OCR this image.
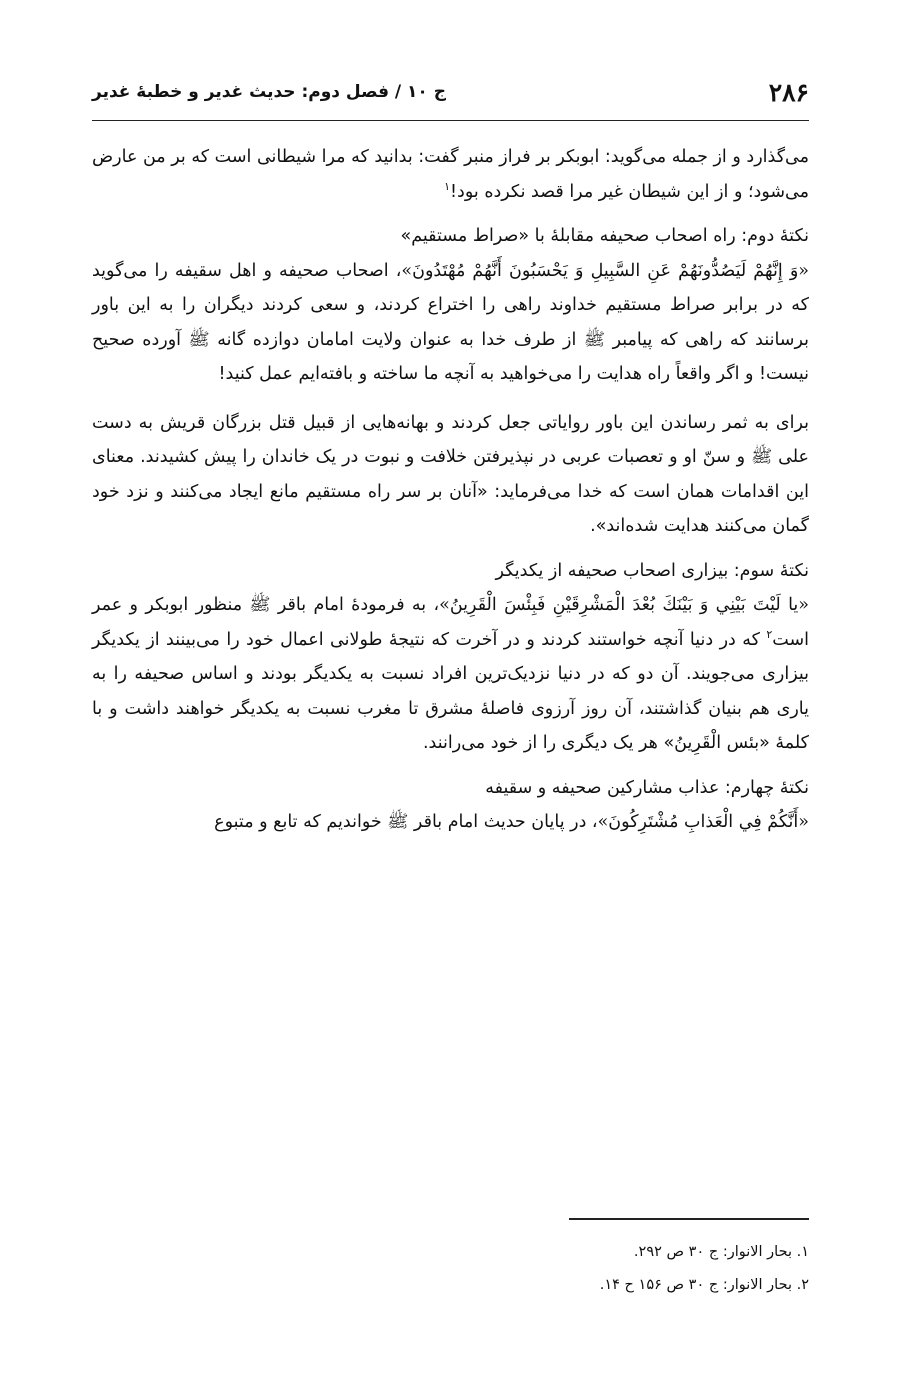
۲۸۶
ج ۱۰ / فصل دوم: حدیث غدیر و خطبهٔ غدیر

می‌گذارد و از جمله می‌گوید: ابوبکر بر فراز منبر گفت: بدانید که مرا شیطانی است که بر من عارض می‌شود؛ و از این شیطان غیر مرا قصد نکرده بود!$^۱$

نکتهٔ دوم: راه اصحاب صحیفه مقابلهٔ با «صراط مستقیم»

«وَ إِنَّهُمْ لَيَصُدُّونَهُمْ عَنِ السَّبِيلِ وَ يَحْسَبُونَ أَنَّهُمْ مُهْتَدُونَ»، اصحاب صحیفه و اهل سقیفه را می‌گوید که در برابر صراط مستقیم خداوند راهی را اختراع کردند، و سعی کردند دیگران را به این باور برسانند که راهی که پیامبر ﷺ از طرف خدا به عنوان ولایت امامان دوازده گانه ﷺ آورده صحیح نیست! و اگر واقعاً راه هدایت را می‌خواهید به آنچه ما ساخته و بافته‌ایم عمل کنید!

برای به ثمر رساندن این باور روایاتی جعل کردند و بهانه‌هایی از قبیل قتل بزرگان قریش به دست علی ﷺ و سنّ او و تعصبات عربی در نپذیرفتن خلافت و نبوت در یک خاندان را پیش کشیدند. معنای این اقدامات همان است که خدا می‌فرماید: «آنان بر سر راه مستقیم مانع ایجاد می‌کنند و نزد خود گمان می‌کنند هدایت شده‌اند».

نکتهٔ سوم: بیزاری اصحاب صحیفه از یکدیگر

«يا لَيْتَ بَيْنِي وَ بَيْنَكَ بُعْدَ الْمَشْرِقَيْنِ فَبِئْسَ الْقَرِينُ»، به فرمودهٔ امام باقر ﷺ منظور ابوبکر و عمر است$^۲$ که در دنیا آنچه خواستند کردند و در آخرت که نتیجهٔ طولانی اعمال خود را می‌بینند از یکدیگر بیزاری می‌جویند. آن دو که در دنیا نزدیک‌ترین افراد نسبت به یکدیگر بودند و اساس صحیفه را به یاری هم بنیان گذاشتند، آن روز آرزوی فاصلهٔ مشرق تا مغرب نسبت به یکدیگر خواهند داشت و با کلمهٔ «بئس الْقَرِينُ» هر یک دیگری را از خود می‌رانند.

نکتهٔ چهارم: عذاب مشارکین صحیفه و سقیفه

«أَنَّكُمْ فِي الْعَذابِ مُشْتَرِكُونَ»، در پایان حدیث امام باقر ﷺ خواندیم که تابع و متبوع

۱. بحار الانوار: ج ۳۰ ص ۲۹۲.

۲. بحار الانوار: ج ۳۰ ص ۱۵۶ ح ۱۴.
